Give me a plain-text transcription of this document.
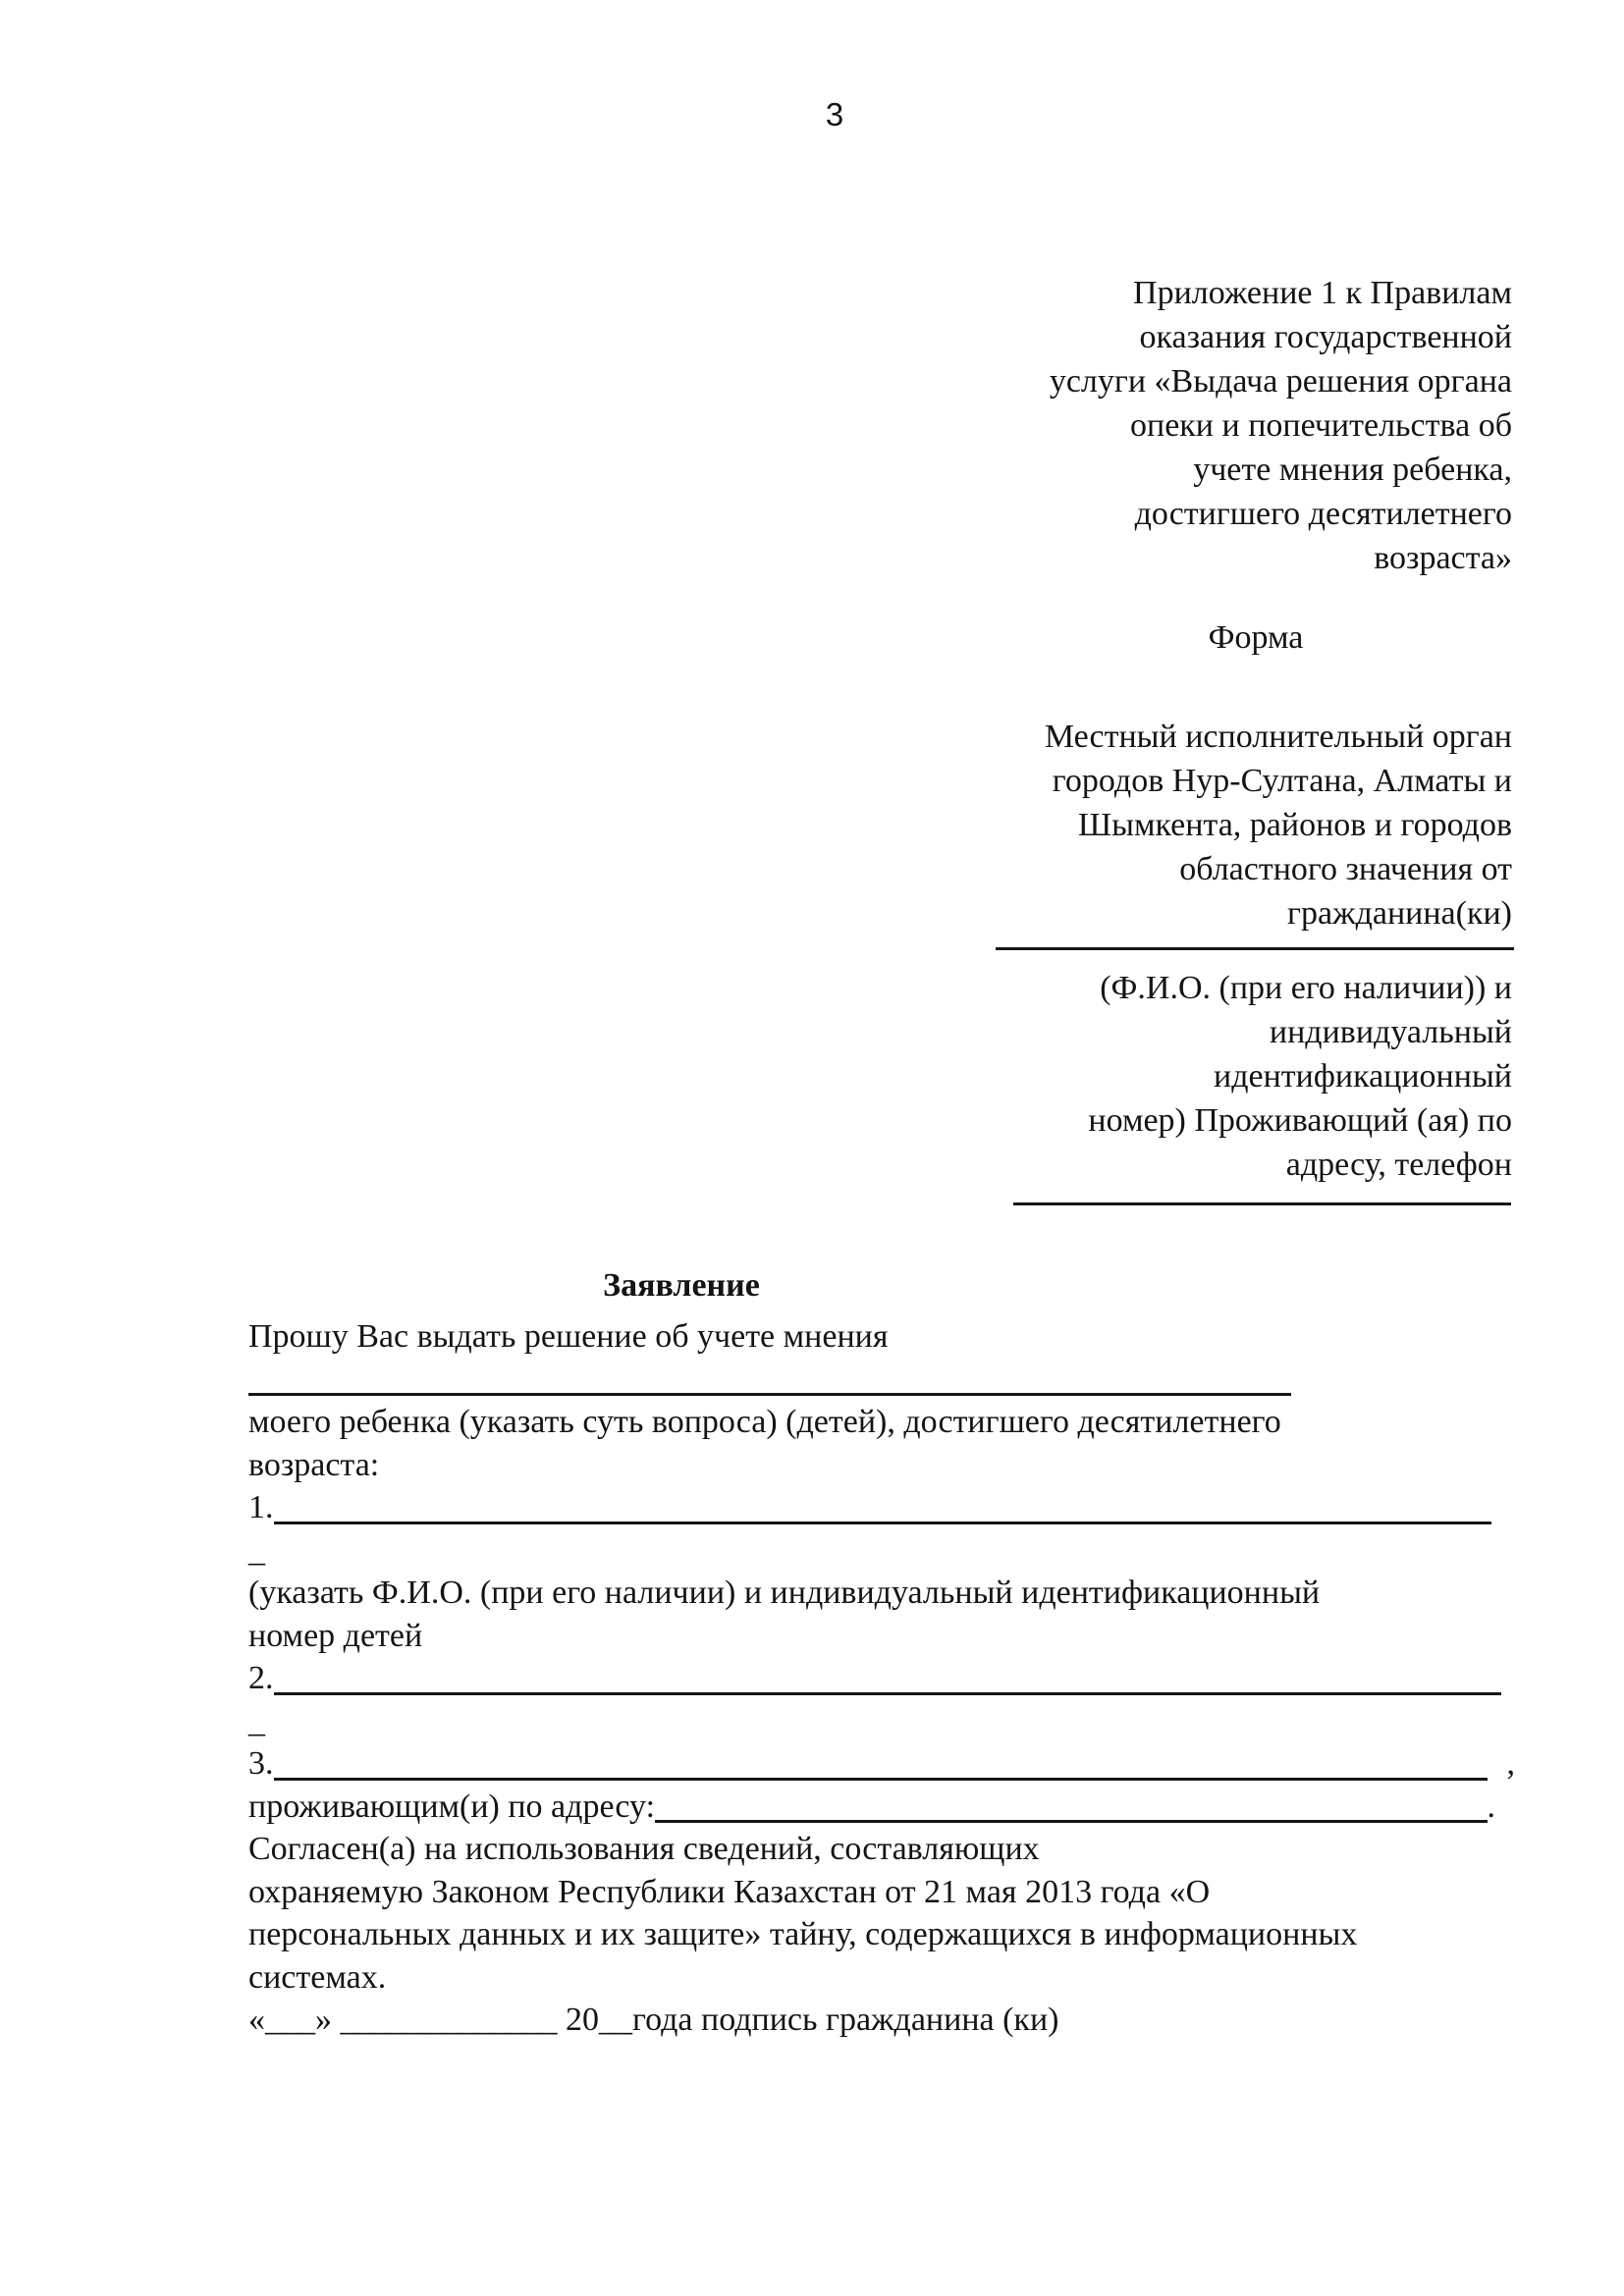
3
Приложение 1 к Правилам
оказания государственной
услуги «Выдача решения органа
опеки и попечительства об
учете мнения ребенка,
достигшего десятилетнего
возраста»
Форма
Местный исполнительный орган
городов Нур-Султана, Алматы и
Шымкента, районов и городов
областного значения от
гражданина(ки)
(Ф.И.О. (при его наличии)) и
индивидуальный
идентификационный
номер) Проживающий (ая) по
адресу, телефон
Заявление
Прошу Вас выдать решение об учете мнения
моего ребенка (указать суть вопроса) (детей), достигшего десятилетнего
возраста:
1.
_
(указать Ф.И.О. (при его наличии) и индивидуальный идентификационный
номер детей
2.
_
3.	,
проживающим(и) по адресу:	.
Согласен(а) на использования сведений, составляющих
охраняемую Законом Республики Казахстан от 21 мая 2013 года «О
персональных данных и их защите» тайну, содержащихся в информационных
системах.
«___» _____________ 20__года подпись гражданина (ки)
